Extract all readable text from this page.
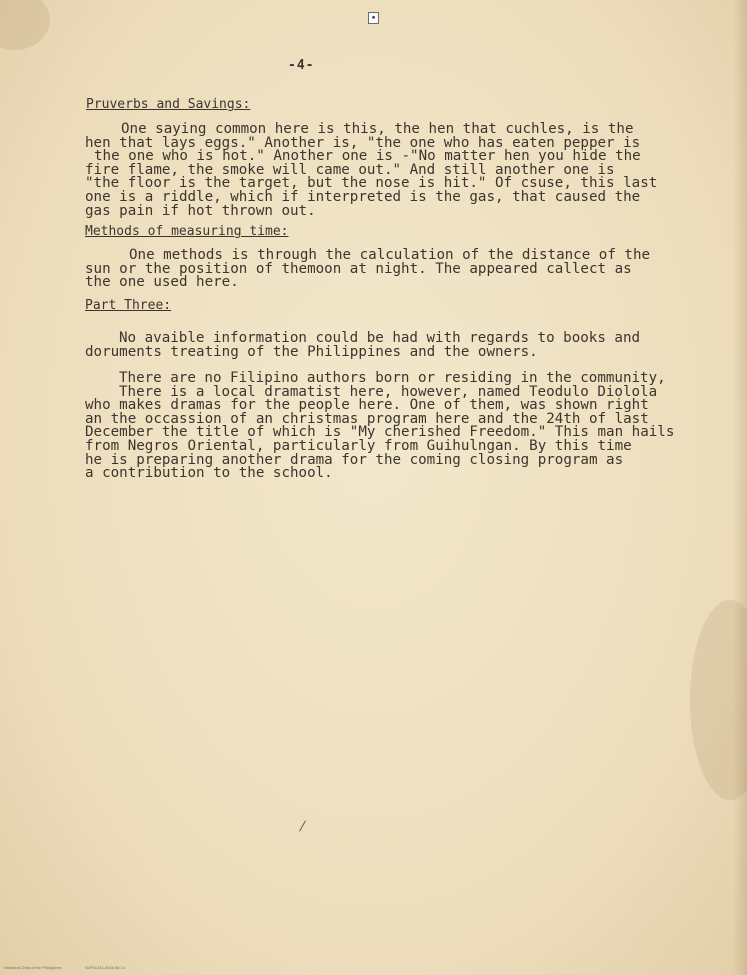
▪
-4-
Pruverbs and Savings:
One saying common here is this, the hen that cuchles, is the
hen that lays eggs." Another is, "the one who has eaten pepper is
the one who is hot." Another one is -"No matter hen you hide the
fire flame, the smoke will came out." And still another one is
"the floor is the target, but the nose is hit." Of csuse, this last
one is a riddle, which if interpreted is the gas, that caused the
gas pain if hot thrown out.
Methods of measuring time:
One methods is through the calculation of the distance of the
sun or the position of themoon at night. The appeared callect as
the one used here.
Part Three:
No avaible information could be had with regards to books and
doruments treating of the Philippines and the owners.
There are no Filipino authors born or residing in the community,
There is a local dramatist here, however, named Teodulo Diolola
who makes dramas for the people here. One of them, was shown right
an the occassion of an christmas program here and the 24th of last
December the title of which is "My cherished Freedom." This man hails
from Negros Oriental, particularly from Guihulngan. By this time
he is preparing another drama for the coming closing program as
a contribution to the school.
Historical Data of the Philippines	NLP01234-0046 Bk 14
